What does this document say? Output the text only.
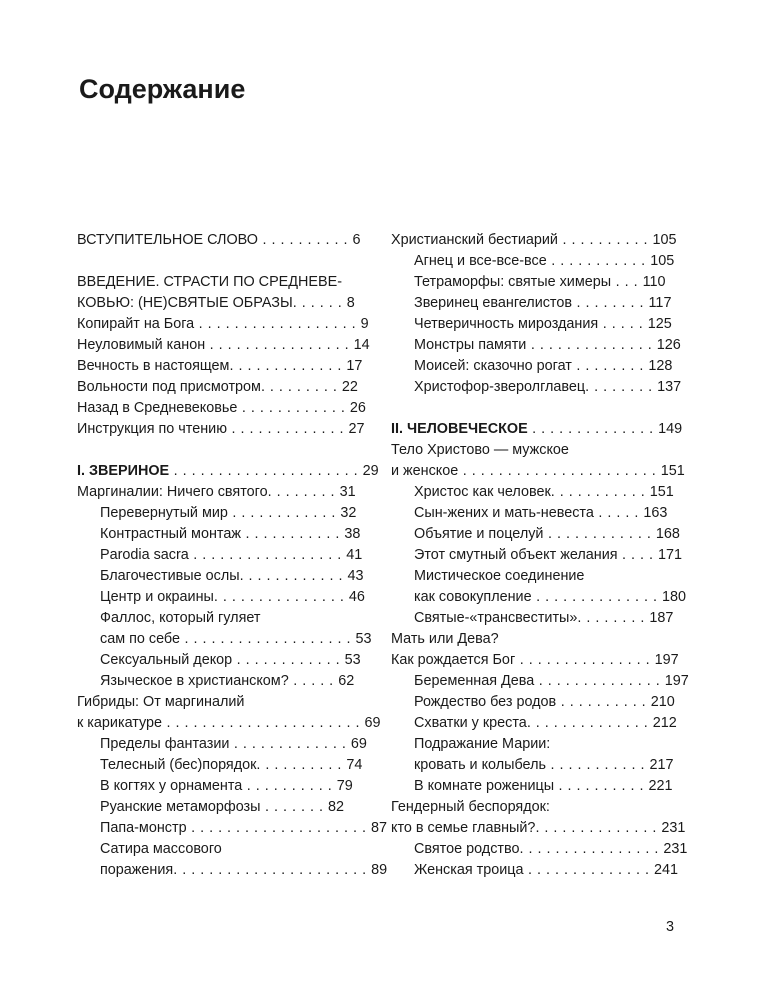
Содержание
ВСТУПИТЕЛЬНОЕ СЛОВО . . . . . . . . . . 6
ВВЕДЕНИЕ. СТРАСТИ ПО СРЕДНЕВЕ-
КОВЬЮ: (НЕ)СВЯТЫЕ ОБРАЗЫ. . . . . . 8
Копирайт на Бога . . . . . . . . . . . . . . . . . . 9
Неуловимый канон . . . . . . . . . . . . . . . . 14
Вечность в настоящем. . . . . . . . . . . . . 17
Вольности под присмотром. . . . . . . . . 22
Назад в Средневековье . . . . . . . . . . . . 26
Инструкция по чтению . . . . . . . . . . . . . 27
I. ЗВЕРИНОЕ . . . . . . . . . . . . . . . . . . . . . 29
Маргиналии: Ничего святого. . . . . . . . 31
Перевернутый мир . . . . . . . . . . . . 32
Контрастный монтаж . . . . . . . . . . . 38
Parodia sacra . . . . . . . . . . . . . . . . . 41
Благочестивые ослы. . . . . . . . . . . . 43
Центр и окраины. . . . . . . . . . . . . . . 46
Фаллос, который гуляет
сам по себе . . . . . . . . . . . . . . . . . . . 53
Сексуальный декор . . . . . . . . . . . . 53
Языческое в христианском? . . . . . 62
Гибриды: От маргиналий
к карикатуре . . . . . . . . . . . . . . . . . . . . . . 69
Пределы фантазии . . . . . . . . . . . . . 69
Телесный (бес)порядок. . . . . . . . . . 74
В когтях у орнамента . . . . . . . . . . 79
Руанские метаморфозы . . . . . . . 82
Папа-монстр . . . . . . . . . . . . . . . . . . . . 87
Сатира массового
поражения. . . . . . . . . . . . . . . . . . . . . . 89
Христианский бестиарий . . . . . . . . . . 105
Агнец и все-все-все . . . . . . . . . . . 105
Тетраморфы: святые химеры . . . 110
Зверинец евангелистов . . . . . . . . 117
Четверичность мироздания . . . . . 125
Монстры памяти . . . . . . . . . . . . . . 126
Моисей: сказочно рогат . . . . . . . . 128
Христофор-зверолглавец. . . . . . . . 137
II. ЧЕЛОВЕЧЕСКОЕ . . . . . . . . . . . . . . 149
Тело Христово — мужское
и женское . . . . . . . . . . . . . . . . . . . . . . 151
Христос как человек. . . . . . . . . . . 151
Сын-жених и мать-невеста . . . . . 163
Объятие и поцелуй . . . . . . . . . . . . 168
Этот смутный объект желания . . . . 171
Мистическое соединение
как совокупление . . . . . . . . . . . . . . 180
Святые-«трансвеститы». . . . . . . . 187
Мать или Дева?
Как рождается Бог . . . . . . . . . . . . . . . 197
Беременная Дева . . . . . . . . . . . . . . 197
Рождество без родов . . . . . . . . . . 210
Схватки у креста. . . . . . . . . . . . . . 212
Подражание Марии:
кровать и колыбель . . . . . . . . . . . 217
В комнате роженицы . . . . . . . . . . 221
Гендерный беспорядок:
кто в семье главный?. . . . . . . . . . . . . . 231
Святое родство. . . . . . . . . . . . . . . . 231
Женская троица . . . . . . . . . . . . . . 241
3
